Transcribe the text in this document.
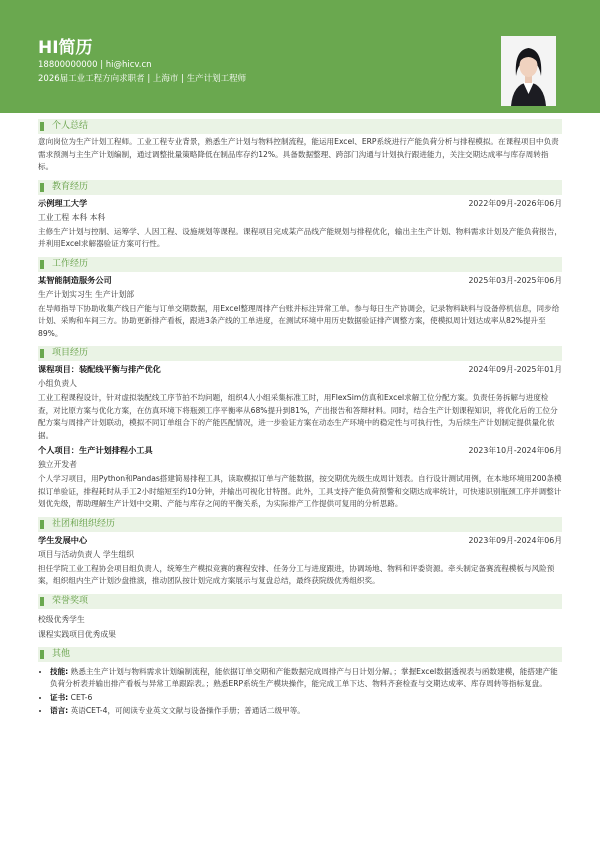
HI简历
18800000000 | hi@hicv.cn
2026届工业工程方向求职者 | 上海市 | 生产计划工程师
个人总结
意向岗位为生产计划工程师。工业工程专业背景，熟悉生产计划与物料控制流程，能运用Excel、ERP系统进行产能负荷分析与排程模拟。在课程项目中负责需求预测与主生产计划编制，通过调整批量策略降低在制品库存约12%。具备数据整理、跨部门沟通与计划执行跟进能力，关注交期达成率与库存周转指标。
教育经历
示例理工大学	2022年09月-2026年06月
工业工程 本科 本科
主修生产计划与控制、运筹学、人因工程、设施规划等课程。课程项目完成某产品线产能规划与排程优化，输出主生产计划、物料需求计划及产能负荷报告，并利用Excel求解器验证方案可行性。
工作经历
某智能制造服务公司	2025年03月-2025年06月
生产计划实习生 生产计划部
在导师指导下协助收集产线日产能与订单交期数据，用Excel整理周排产台账并标注异常工单。参与每日生产协调会，记录物料缺料与设备停机信息，同步给计划、采购和车间三方。协助更新排产看板，跟进3条产线的工单进度，在测试环境中用历史数据验证排产调整方案，使模拟周计划达成率从82%提升至89%。
项目经历
课程项目：装配线平衡与排产优化	2024年09月-2025年01月
小组负责人
工业工程课程设计，针对虚拟装配线工序节拍不均问题，组织4人小组采集标准工时，用FlexSim仿真和Excel求解工位分配方案。负责任务拆解与进度检查，对比原方案与优化方案，在仿真环境下将瓶颈工序平衡率从68%提升到81%，产出报告和答辩材料。同时，结合生产计划课程知识，将优化后的工位分配方案与周排产计划联动，模拟不同订单组合下的产能匹配情况，进一步验证方案在动态生产环境中的稳定性与可执行性，为后续生产计划制定提供量化依据。
个人项目：生产计划排程小工具	2023年10月-2024年06月
独立开发者
个人学习项目，用Python和Pandas搭建简易排程工具，读取模拟订单与产能数据，按交期优先级生成周计划表。自行设计测试用例，在本地环境用200条模拟订单验证，排程耗时从手工2小时缩短至约10分钟，并输出可视化甘特图。此外，工具支持产能负荷预警和交期达成率统计，可快速识别瓶颈工序并调整计划优先级，帮助理解生产计划中交期、产能与库存之间的平衡关系，为实际排产工作提供可复用的分析思路。
社团和组织经历
学生发展中心	2023年09月-2024年06月
项目与活动负责人 学生组织
担任学院工业工程协会项目组负责人，统筹生产模拟竞赛的赛程安排、任务分工与进度跟进，协调场地、物料和评委资源。牵头制定备赛流程模板与风险预案，组织组内生产计划沙盘推演，推动团队按计划完成方案展示与复盘总结，最终获院级优秀组织奖。
荣誉奖项
校级优秀学生
课程实践项目优秀成果
其他
• 技能: 熟悉主生产计划与物料需求计划编制流程，能依据订单交期和产能数据完成周排产与日计划分解。；掌握Excel数据透视表与函数建模，能搭建产能负荷分析表并输出排产看板与异常工单跟踪表。；熟悉ERP系统生产模块操作，能完成工单下达、物料齐套检查与交期达成率、库存周转等指标复盘。
• 证书: CET-6
• 语言: 英语CET-4，可阅读专业英文文献与设备操作手册；普通话二级甲等。
